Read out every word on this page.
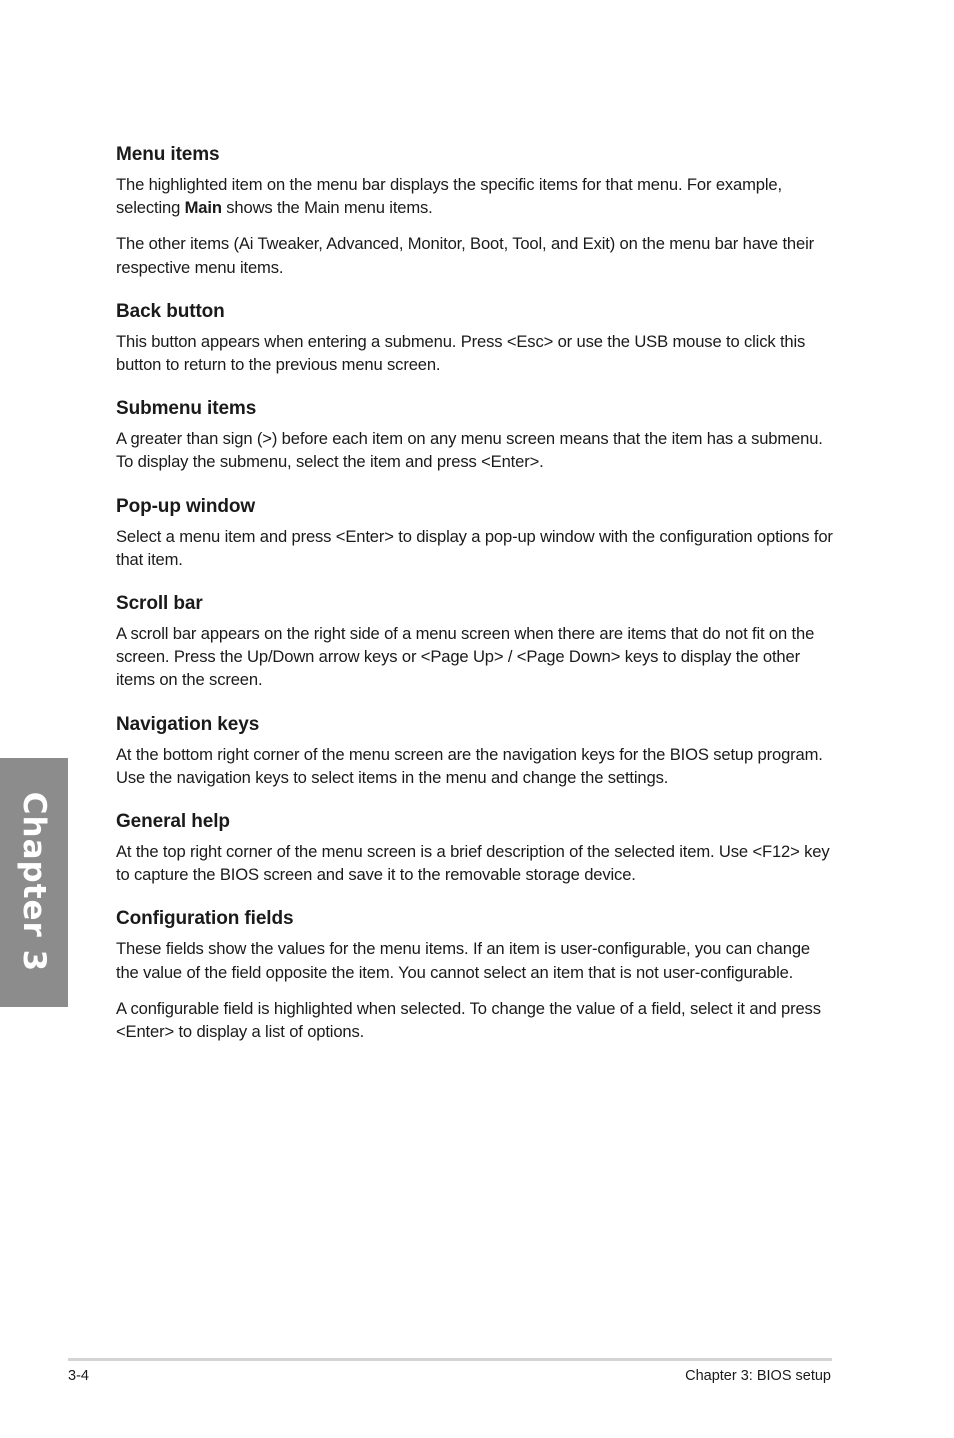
Menu items

The highlighted item on the menu bar displays the specific items for that menu. For example, selecting Main shows the Main menu items.

The other items (Ai Tweaker, Advanced, Monitor, Boot, Tool, and Exit) on the menu bar have their respective menu items.

Back button

This button appears when entering a submenu. Press <Esc> or use the USB mouse to click this button to return to the previous menu screen.

Submenu items

A greater than sign (>) before each item on any menu screen means that the item has a submenu. To display the submenu, select the item and press <Enter>.

Pop-up window

Select a menu item and press <Enter> to display a pop-up window with the configuration options for that item.

Scroll bar

A scroll bar appears on the right side of a menu screen when there are items that do not fit on the screen. Press the Up/Down arrow keys or <Page Up> / <Page Down> keys to display the other items on the screen.

Navigation keys

At the bottom right corner of the menu screen are the navigation keys for the BIOS setup program. Use the navigation keys to select items in the menu and change the settings.

General help

At the top right corner of the menu screen is a brief description of the selected item. Use <F12> key to capture the BIOS screen and save it to the removable storage device.

Configuration fields

These fields show the values for the menu items. If an item is user-configurable, you can change the value of the field opposite the item. You cannot select an item that is not user-configurable.

A configurable field is highlighted when selected. To change the value of a field, select it and press <Enter> to display a list of options.

Chapter 3
3-4	Chapter 3: BIOS setup
